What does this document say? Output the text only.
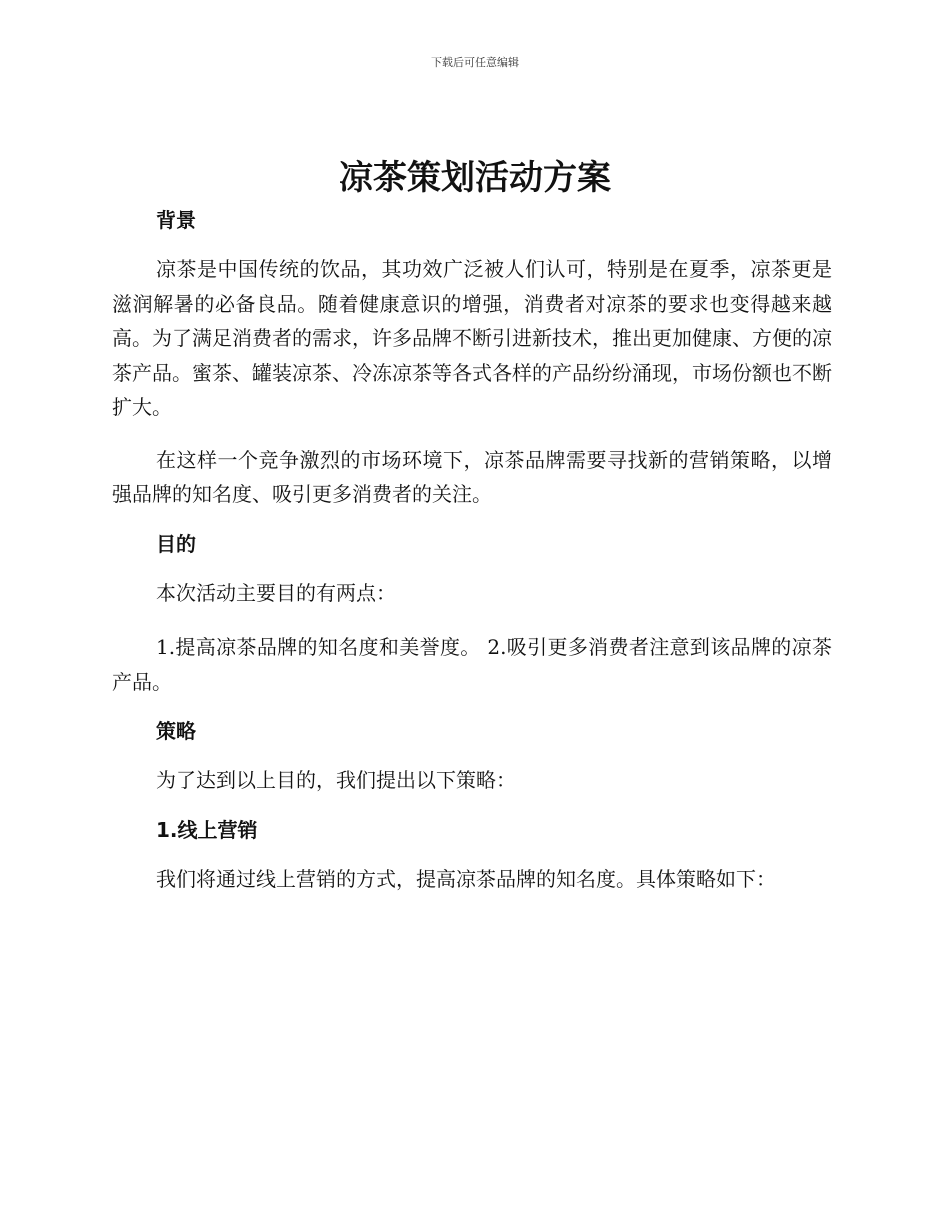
下载后可任意编辑
凉茶策划活动方案

背景

凉茶是中国传统的饮品，其功效广泛被人们认可，特别是在夏季，凉茶更是滋润解暑的必备良品。随着健康意识的增强，消费者对凉茶的要求也变得越来越高。为了满足消费者的需求，许多品牌不断引进新技术，推出更加健康、方便的凉茶产品。蜜茶、罐装凉茶、冷冻凉茶等各式各样的产品纷纷涌现，市场份额也不断扩大。

在这样一个竞争激烈的市场环境下，凉茶品牌需要寻找新的营销策略，以增强品牌的知名度、吸引更多消费者的关注。

目的

本次活动主要目的有两点：

1.提高凉茶品牌的知名度和美誉度。 2.吸引更多消费者注意到该品牌的凉茶产品。

策略

为了达到以上目的，我们提出以下策略：

1.线上营销

我们将通过线上营销的方式，提高凉茶品牌的知名度。具体策略如下：
